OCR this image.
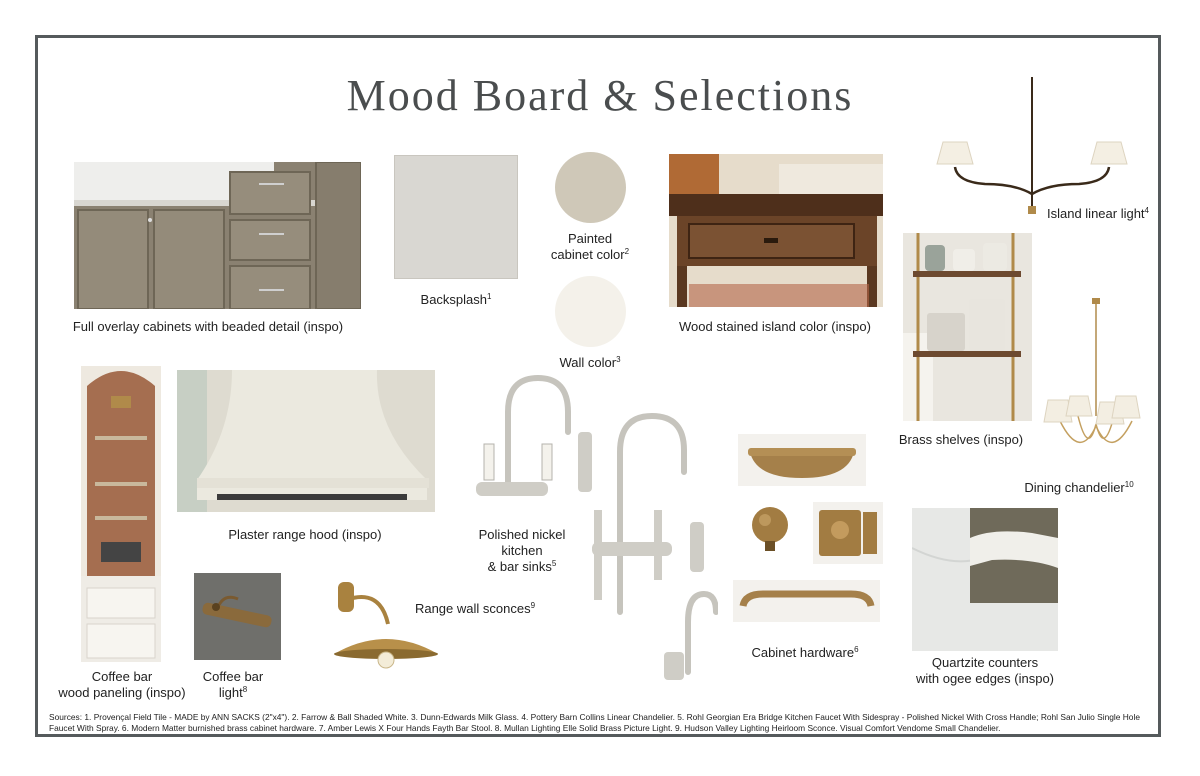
Mood Board & Selections
Full overlay cabinets with beaded detail (inspo)
Backsplash$^1$
Painted
cabinet color$^2$
Wall color$^3$
Wood stained island color (inspo)
Island linear light$^4$
Brass shelves (inspo)
Dining chandelier$^{10}$
Coffee bar
wood paneling (inspo)
Plaster range hood (inspo)
Coffee bar
light$^8$
Range wall sconces$^9$
Polished nickel
kitchen
& bar sinks$^5$
Cabinet hardware$^6$
Quartzite counters
with ogee edges (inspo)
Sources: 1. Provençal Field Tile - MADE by ANN SACKS (2"x4"). 2. Farrow & Ball Shaded White. 3. Dunn-Edwards Milk Glass. 4. Pottery Barn Collins Linear Chandelier. 5. Rohl Georgian Era Bridge Kitchen Faucet With Sidespray - Polished Nickel With Cross Handle; Rohl San Julio Single Hole Faucet With Spray. 6. Modern Matter burnished brass cabinet hardware. 7. Amber Lewis X Four Hands Fayth Bar Stool. 8. Mullan Lighting Elle Solid Brass Picture Light. 9. Hudson Valley Lighting Heirloom Sconce. Visual Comfort Vendome Small Chandelier.
